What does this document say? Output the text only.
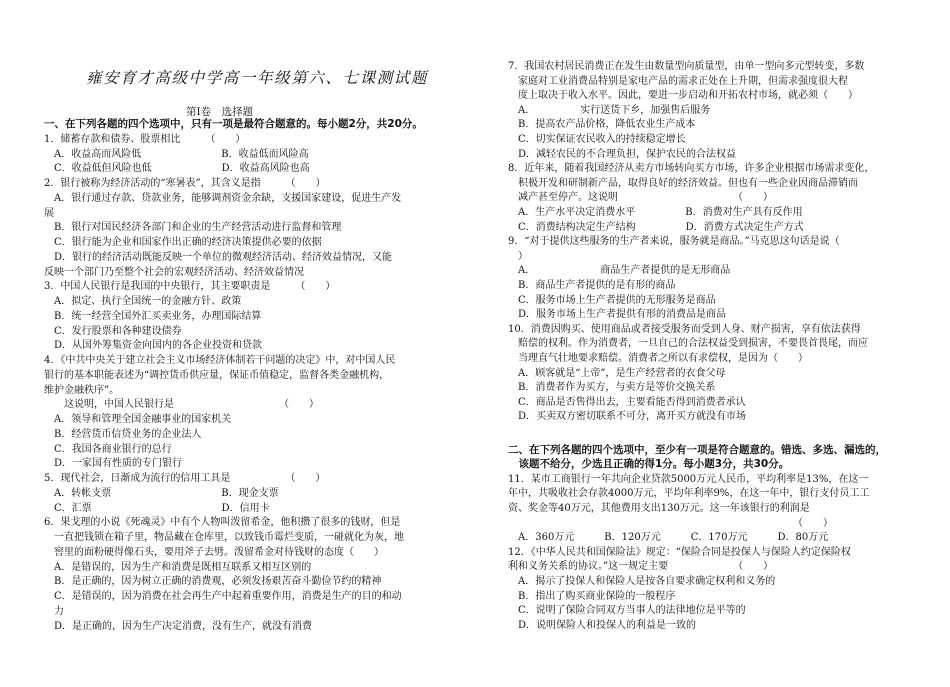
雍安育才高级中学高一年级第六、七课测试题
第Ⅰ卷　选择题
一、在下列各题的四个选项中，只有一项是最符合题意的。每小题2分，共20分。
1．储蓄存款和债券、股票相比　　　（　　）
　A．收益高而风险低　　　　　　　　B．收益低而风险高
　C．收益低但风险也低　　　　　　　D．收益高风险也高
2．银行被称为经济活动的“寒暑表”，其含义是指　　　（　　）
　A．银行通过存款、贷款业务，能够调剂资金余缺，支援国家建设，促进生产发
展
　B．银行对国民经济各部门和企业的生产经营活动进行监督和管理
　C．银行能为企业和国家作出正确的经济决策提供必要的依据
　D．银行的经济活动既能反映一个单位的微观经济活动、经济效益情况，又能
反映一个部门乃至整个社会的宏观经济活动、经济效益情况
3．中国人民银行是我国的中央银行，其主要职责是　　　（　　）
　A．拟定、执行全国统一的金融方针、政策
　B．统一经营全国外汇买卖业务，办理国际结算
　C．发行股票和各种建设债券
　D．从国外筹集资金向国内的各企业投资和贷款
4．《中共中央关于建立社会主义市场经济体制若干问题的决定》中，对中国人民
银行的基本职能表述为“调控货币供应量，保证币值稳定，监督各类金融机构，
维护金融秩序”。
　　这说明，中国人民银行是　　　　　　　　　　　（　　）
　A．领导和管理全国金融事业的国家机关
　B．经营货币信贷业务的企业法人
　C．我国各商业银行的总行
　D．一家国有性质的专门银行
5．现代社会，日渐成为流行的信用工具是　　　　　　（　　）
　A．转帐支票　　　　　　　　　　　B．现金支票
　C．汇票　　　　　　　　　　　　　D．信用卡
6．果戈理的小说《死魂灵》中有个人物叫泼留希金，他积攒了很多的钱财，但是
　一直把钱锁在箱子里，物品藏在仓库里，以致钱币霉烂变质，一碰就化为灰，地
　窖里的面粉硬得像石头，要用斧子去劈。泼留希金对待钱财的态度（　　）
　A．是错误的，因为生产和消费是既相互联系又相互区别的
　B．是正确的，因为树立正确的消费观，必须发扬艰苦奋斗勤俭节约的精神
　C．是错误的，因为消费在社会再生产中起着重要作用，消费是生产的目的和动
　力
　D．是正确的，因为生产决定消费，没有生产，就没有消费
7．我国农村居民消费正在发生由数量型向质量型，由单一型向多元型转变，多数
　家庭对工业消费品特别是家电产品的需求正处在上升期，但需求强度很大程
　度上取决于收入水平。因此，要进一步启动和开拓农村市场，就必须（　　）
　A．　　　　　实行送货下乡，加强售后服务
　B．提高农产品价格，降低农业生产成本
　C．切实保证农民收入的持续稳定增长
　D．减轻农民的不合理负担，保护农民的合法权益
8．近年来，随着我国经济从卖方市场转向买方市场，许多企业根据市场需求变化，
　积极开发和研制新产品，取得良好的经济效益。但也有一些企业因商品滞销而
　减产甚至停产。这说明　　　　　　　　　　　　（　　）
　A．生产水平决定消费水平　　　　　B．消费对生产具有反作用
　C．消费结构决定生产结构　　　　　D．消费方式决定生产方式
9．“对于提供这些服务的生产者来说，服务就是商品。”马克思这句话是说（
　）
　A．　　　　　　　商品生产者提供的是无形商品
　B．商品生产者提供的是有形的商品
　C．服务市场上生产者提供的无形服务是商品
　D．服务市场上生产者提供有形的消费品是商品
10．消费因购买、使用商品或者接受服务而受到人身、财产损害，享有依法获得
　赔偿的权利。作为消费者，一旦自己的合法权益受到损害，不要畏首畏尾，而应
　当理直气壮地要求赔偿。消费者之所以有求偿权，是因为（　　）
　A．顾客就是“上帝”，是生产经营者的衣食父母
　B．消费者作为买方，与卖方是等价交换关系
　C．商品是否售得出去，主要看能否得到消费者承认
　D．买卖双方密切联系不可分，离开买方就没有市场
二、在下列各题的四个选项中，至少有一项是符合题意的。错选、多选、漏选的，
　该题不给分，少选且正确的得1分。每小题3分，共30分。
11．某市工商银行一年共向企业贷款5000万元人民币，平均利率是13%，在这一
年中，共吸收社会存款4000万元，平均年利率9%，在这一年中，银行支付员工工
资、奖金等40万元，其他费用支出130万元。这一年该银行的利润是
　　　　　　　　　　　　　　　　　　　　　　　　　　　　　（　　）
　A．360万元　　　B．120万元　　　C．170万元　　　D．80万元
12．《中华人民共和国保险法》规定：“保险合同是投保人与保险人约定保险权
利和义务关系的协议。”这一规定主要　　　　　　　（　　）
　A．揭示了投保人和保险人是按各自要求确定权利和义务的
　B．指出了购买商业保险的一般程序
　C．说明了保险合同双方当事人的法律地位是平等的
　D．说明保险人和投保人的利益是一致的
